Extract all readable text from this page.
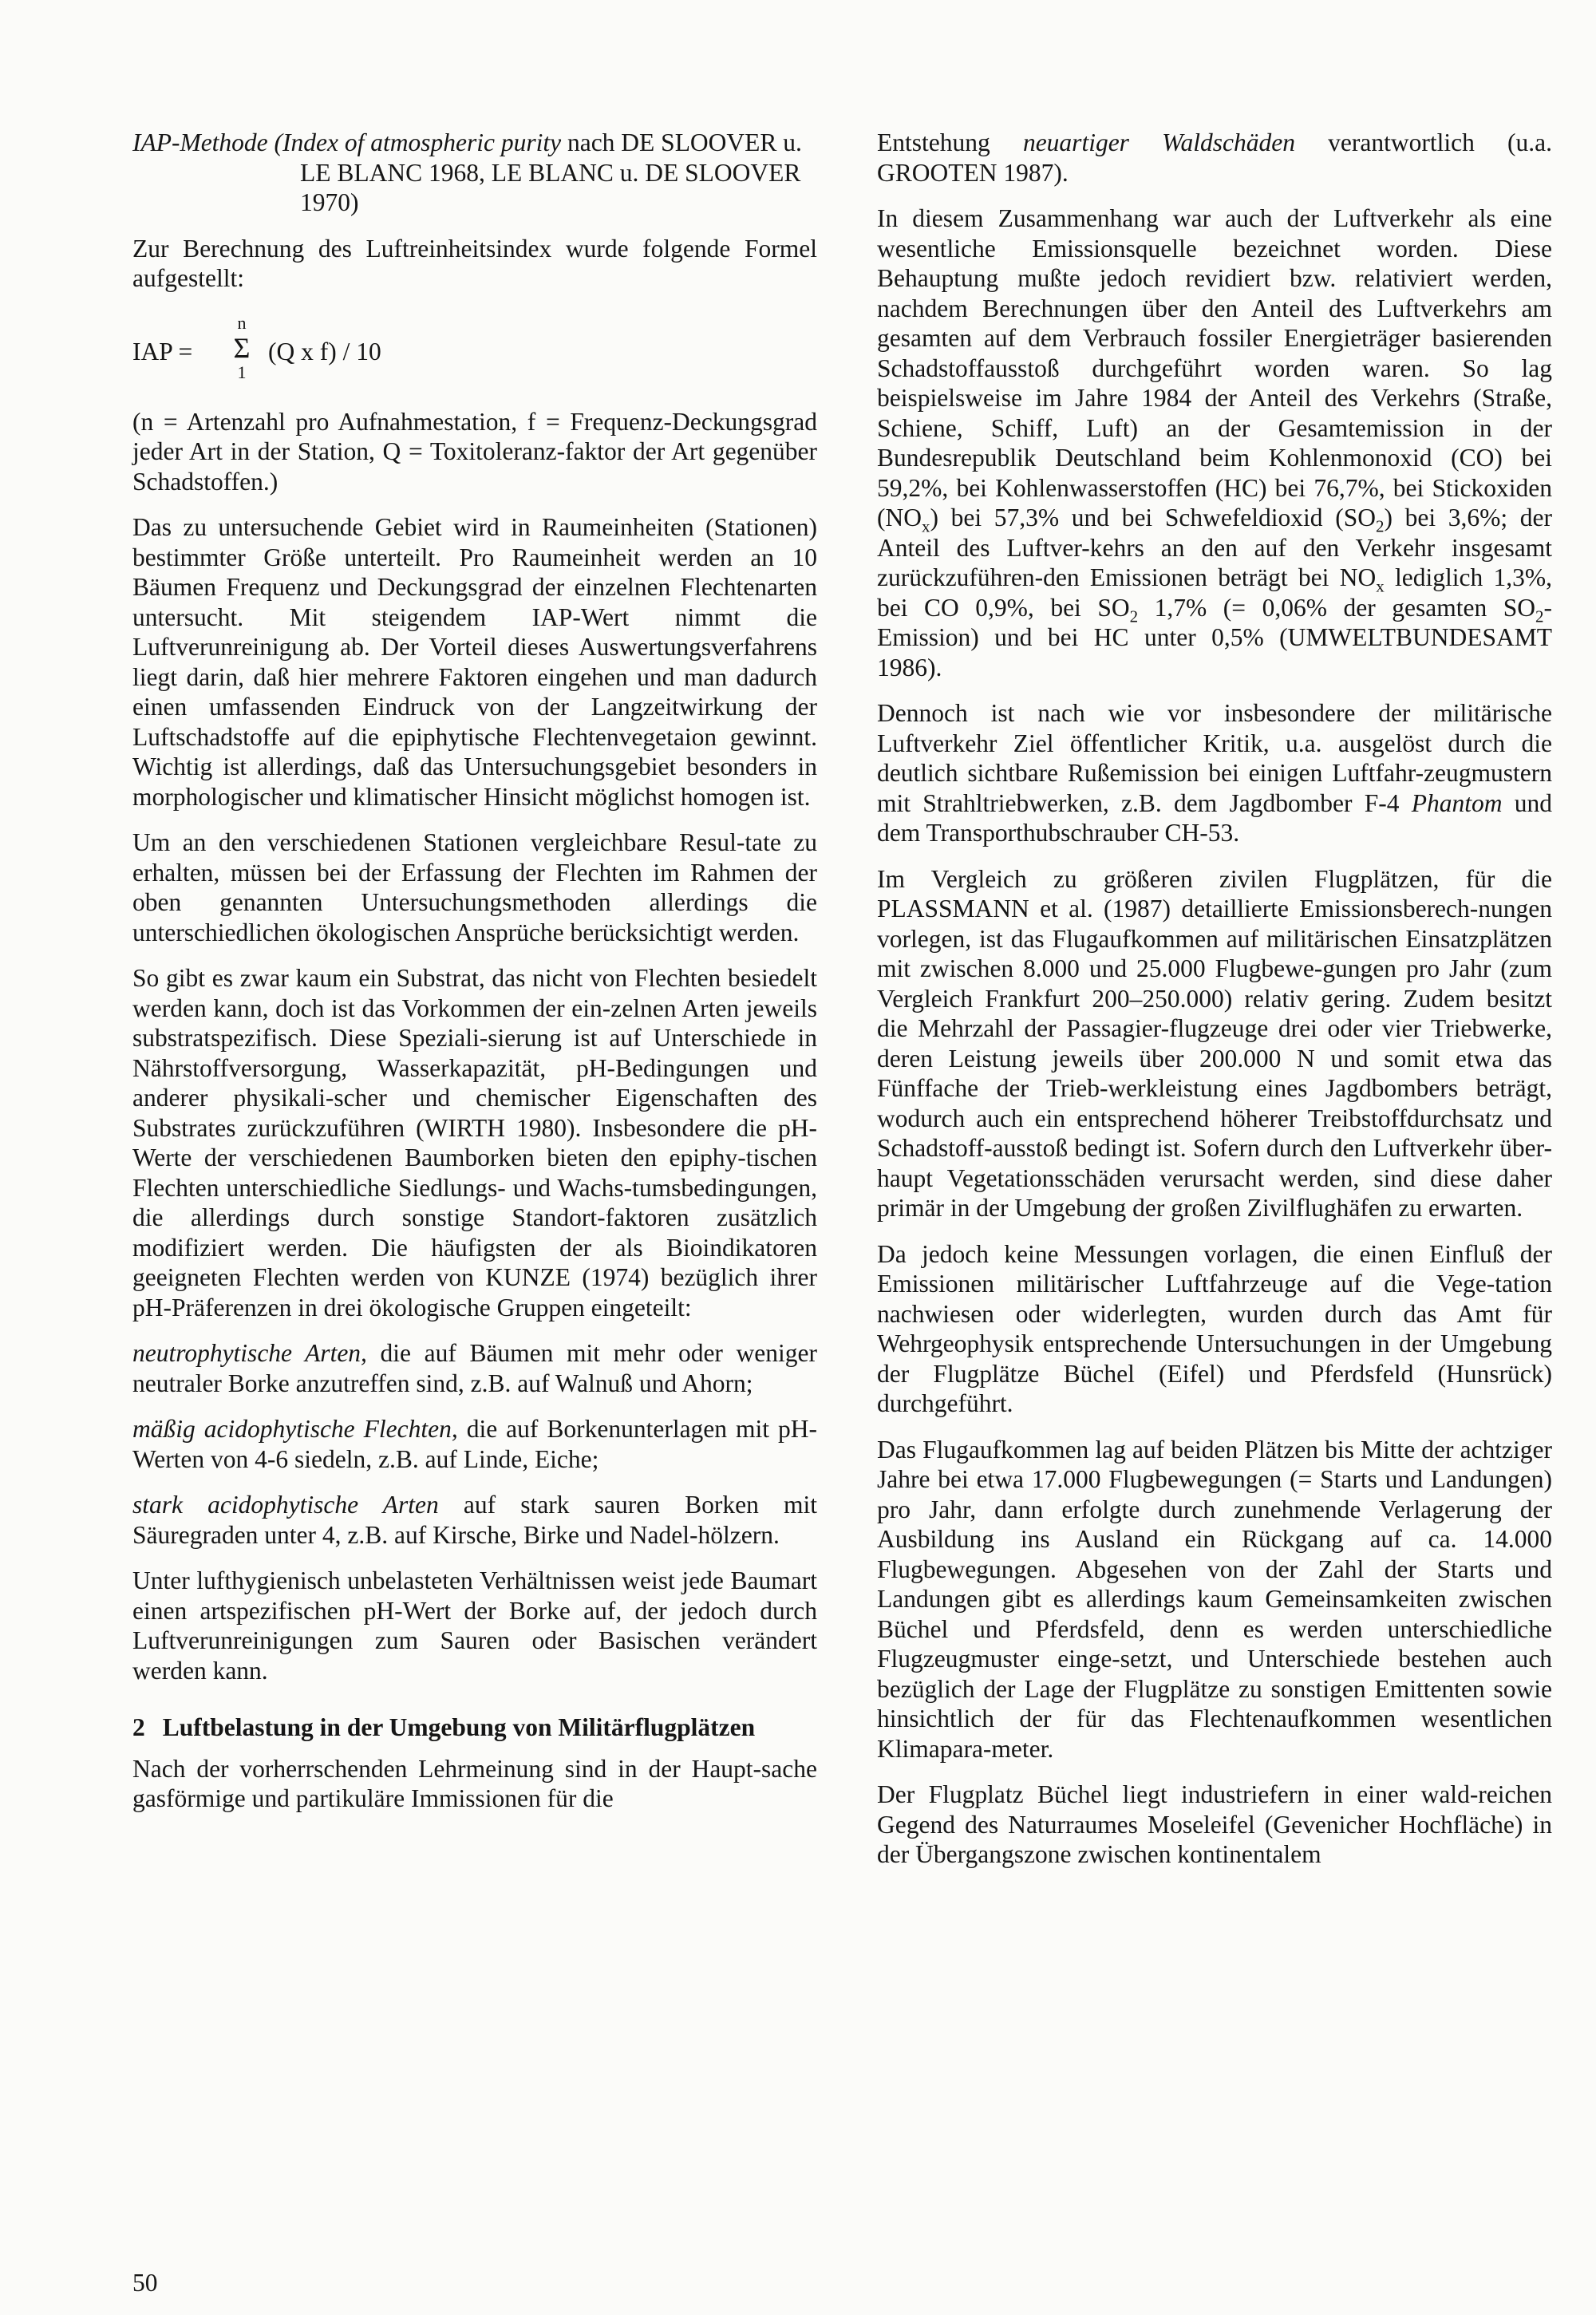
IAP-Methode (Index of atmospheric purity nach DE SLOOVER u. LE BLANC 1968, LE BLANC u. DE SLOOVER 1970)

Zur Berechnung des Luftreinheitsindex wurde folgende Formel aufgestellt:

IAP =
n
Σ
1
(Q x f) / 10

(n = Artenzahl pro Aufnahmestation, f = Frequenz-Deckungsgrad jeder Art in der Station, Q = Toxitoleranz-faktor der Art gegenüber Schadstoffen.)

Das zu untersuchende Gebiet wird in Raumeinheiten (Stationen) bestimmter Größe unterteilt. Pro Raumeinheit werden an 10 Bäumen Frequenz und Deckungsgrad der einzelnen Flechtenarten untersucht. Mit steigendem IAP-Wert nimmt die Luftverunreinigung ab. Der Vorteil dieses Auswertungsverfahrens liegt darin, daß hier mehrere Faktoren eingehen und man dadurch einen umfassenden Eindruck von der Langzeitwirkung der Luftschadstoffe auf die epiphytische Flechtenvegetaion gewinnt. Wichtig ist allerdings, daß das Untersuchungsgebiet besonders in morphologischer und klimatischer Hinsicht möglichst homogen ist.

Um an den verschiedenen Stationen vergleichbare Resul-tate zu erhalten, müssen bei der Erfassung der Flechten im Rahmen der oben genannten Untersuchungsmethoden allerdings die unterschiedlichen ökologischen Ansprüche berücksichtigt werden.

So gibt es zwar kaum ein Substrat, das nicht von Flechten besiedelt werden kann, doch ist das Vorkommen der ein-zelnen Arten jeweils substratspezifisch. Diese Speziali-sierung ist auf Unterschiede in Nährstoffversorgung, Wasserkapazität, pH-Bedingungen und anderer physikali-scher und chemischer Eigenschaften des Substrates zurückzuführen (WIRTH 1980). Insbesondere die pH-Werte der verschiedenen Baumborken bieten den epiphy-tischen Flechten unterschiedliche Siedlungs- und Wachs-tumsbedingungen, die allerdings durch sonstige Standort-faktoren zusätzlich modifiziert werden. Die häufigsten der als Bioindikatoren geeigneten Flechten werden von KUNZE (1974) bezüglich ihrer pH-Präferenzen in drei ökologische Gruppen eingeteilt:

neutrophytische Arten, die auf Bäumen mit mehr oder weniger neutraler Borke anzutreffen sind, z.B. auf Walnuß und Ahorn;

mäßig acidophytische Flechten, die auf Borkenunterlagen mit pH-Werten von 4-6 siedeln, z.B. auf Linde, Eiche;

stark acidophytische Arten auf stark sauren Borken mit Säuregraden unter 4, z.B. auf Kirsche, Birke und Nadel-hölzern.

Unter lufthygienisch unbelasteten Verhältnissen weist jede Baumart einen artspezifischen pH-Wert der Borke auf, der jedoch durch Luftverunreinigungen zum Sauren oder Basischen verändert werden kann.

2 Luftbelastung in der Umgebung von Militärflugplätzen

Nach der vorherrschenden Lehrmeinung sind in der Haupt-sache gasförmige und partikuläre Immissionen für die

Entstehung neuartiger Waldschäden verantwortlich (u.a. GROOTEN 1987).

In diesem Zusammenhang war auch der Luftverkehr als eine wesentliche Emissionsquelle bezeichnet worden. Diese Behauptung mußte jedoch revidiert bzw. relativiert werden, nachdem Berechnungen über den Anteil des Luftverkehrs am gesamten auf dem Verbrauch fossiler Energieträger basierenden Schadstoffausstoß durchgeführt worden waren. So lag beispielsweise im Jahre 1984 der Anteil des Verkehrs (Straße, Schiene, Schiff, Luft) an der Gesamtemission in der Bundesrepublik Deutschland beim Kohlenmonoxid (CO) bei 59,2%, bei Kohlenwasserstoffen (HC) bei 76,7%, bei Stickoxiden $(NO_x)$ bei 57,3% und bei Schwefeldioxid $(SO_2)$ bei 3,6%; der Anteil des Luftver-kehrs an den auf den Verkehr insgesamt zurückzuführen-den Emissionen beträgt bei $NO_x$ lediglich 1,3%, bei CO 0,9%, bei $SO_2$ 1,7% (= 0,06% der gesamten $SO_2-Emission$) und bei HC unter 0,5% (UMWELTBUNDESAMT 1986).

Dennoch ist nach wie vor insbesondere der militärische Luftverkehr Ziel öffentlicher Kritik, u.a. ausgelöst durch die deutlich sichtbare Rußemission bei einigen Luftfahr-zeugmustern mit Strahltriebwerken, z.B. dem Jagdbomber F-4 Phantom und dem Transporthubschrauber CH-53.

Im Vergleich zu größeren zivilen Flugplätzen, für die PLASSMANN et al. (1987) detaillierte Emissionsberech-nungen vorlegen, ist das Flugaufkommen auf militärischen Einsatzplätzen mit zwischen 8.000 und 25.000 Flugbewe-gungen pro Jahr (zum Vergleich Frankfurt 200–250.000) relativ gering. Zudem besitzt die Mehrzahl der Passagier-flugzeuge drei oder vier Triebwerke, deren Leistung jeweils über 200.000 N und somit etwa das Fünffache der Trieb-werkleistung eines Jagdbombers beträgt, wodurch auch ein entsprechend höherer Treibstoffdurchsatz und Schadstoff-ausstoß bedingt ist. Sofern durch den Luftverkehr über-haupt Vegetationsschäden verursacht werden, sind diese daher primär in der Umgebung der großen Zivilflughäfen zu erwarten.

Da jedoch keine Messungen vorlagen, die einen Einfluß der Emissionen militärischer Luftfahrzeuge auf die Vege-tation nachwiesen oder widerlegten, wurden durch das Amt für Wehrgeophysik entsprechende Untersuchungen in der Umgebung der Flugplätze Büchel (Eifel) und Pferdsfeld (Hunsrück) durchgeführt.

Das Flugaufkommen lag auf beiden Plätzen bis Mitte der achtziger Jahre bei etwa 17.000 Flugbewegungen (= Starts und Landungen) pro Jahr, dann erfolgte durch zunehmende Verlagerung der Ausbildung ins Ausland ein Rückgang auf ca. 14.000 Flugbewegungen. Abgesehen von der Zahl der Starts und Landungen gibt es allerdings kaum Gemeinsamkeiten zwischen Büchel und Pferdsfeld, denn es werden unterschiedliche Flugzeugmuster einge-setzt, und Unterschiede bestehen auch bezüglich der Lage der Flugplätze zu sonstigen Emittenten sowie hinsichtlich der für das Flechtenaufkommen wesentlichen Klimapara-meter.

Der Flugplatz Büchel liegt industriefern in einer wald-reichen Gegend des Naturraumes Moseleifel (Gevenicher Hochfläche) in der Übergangszone zwischen kontinentalem

50
